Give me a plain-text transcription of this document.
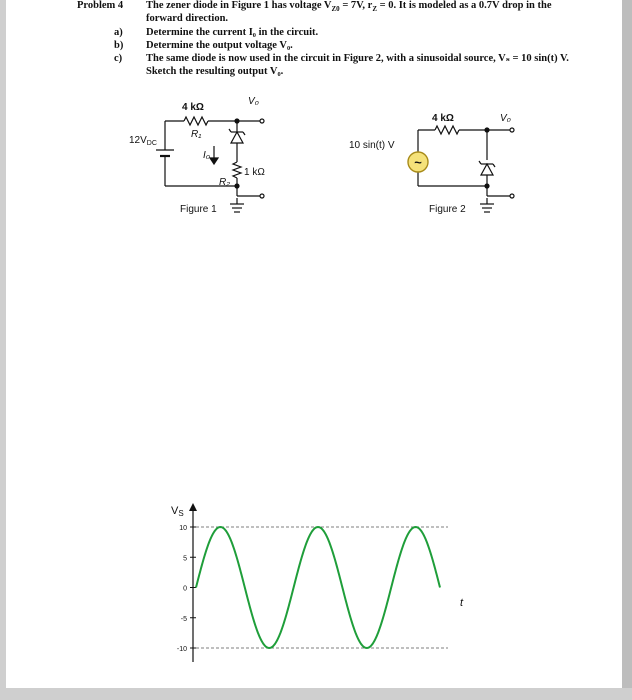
Problem 4 The zener diode in Figure 1 has voltage $V_{Z0} = 7V$, $r_Z = 0$. It is modeled as a 0.7V drop in the
forward direction.
a) Determine the current I₀ in the circuit.
b) Determine the output voltage V₀.
c) The same diode is now used in the circuit in Figure 2, with a sinusoidal source, Vₛ = 10 sin(t) V.
Sketch the resulting output V₀.
4 kΩ
R₁
V₀
$12V_{DC}$
I₀
1 kΩ
R₂
Figure 1
~
4 kΩ	V₀
10 sin(t) V
Figure 2
VS
t
10
5
0
-5
-10
